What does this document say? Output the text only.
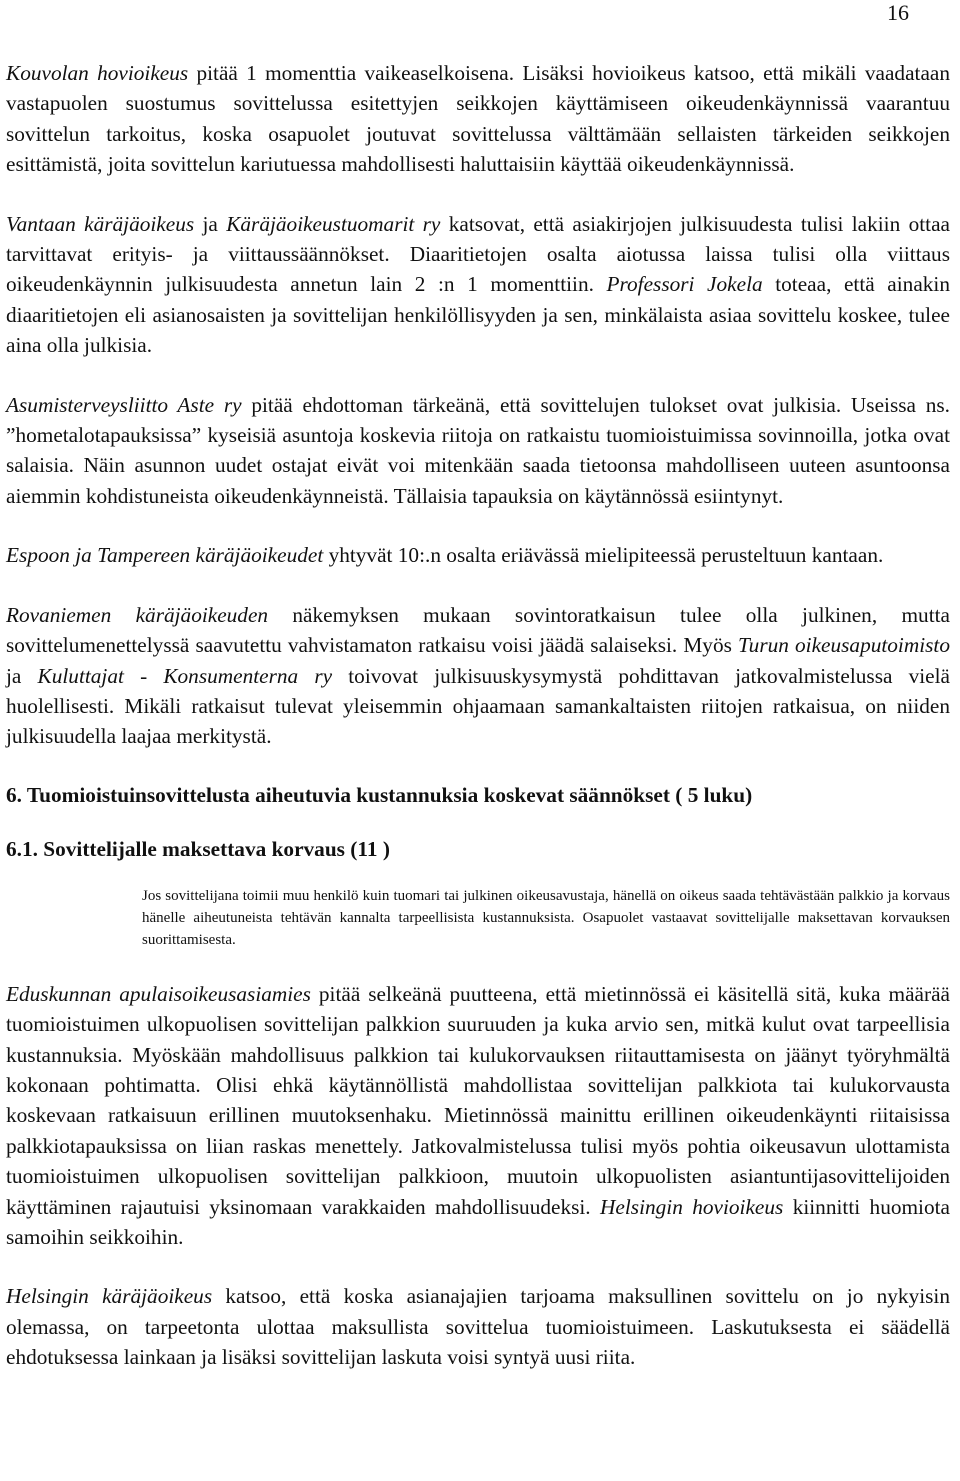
16

Kouvolan hovioikeus pitää 1 momenttia vaikeaselkoisena. Lisäksi hovioikeus katsoo, että mikäli vaadataan vastapuolen suostumus sovittelussa esitettyjen seikkojen käyttämiseen oikeudenkäynnissä vaarantuu sovittelun tarkoitus, koska osapuolet joutuvat sovittelussa välttämään sellaisten tärkeiden seikkojen esittämistä, joita sovittelun kariutuessa mahdollisesti haluttaisiin käyttää oikeudenkäynnissä.

Vantaan käräjäoikeus ja Käräjäoikeustuomarit ry katsovat, että asiakirjojen julkisuudesta tulisi lakiin ottaa tarvittavat erityis- ja viittaussäännökset. Diaaritietojen osalta aiotussa laissa tulisi olla viittaus oikeudenkäynnin julkisuudesta annetun lain 2 :n 1 momenttiin. Professori Jokela toteaa, että ainakin diaaritietojen eli asianosaisten ja sovittelijan henkilöllisyyden ja sen, minkälaista asiaa sovittelu koskee, tulee aina olla julkisia.

Asumisterveysliitto Aste ry pitää ehdottoman tärkeänä, että sovittelujen tulokset ovat julkisia. Useissa ns. ”hometalotapauksissa” kyseisiä asuntoja koskevia riitoja on ratkaistu tuomioistuimissa sovinnoilla, jotka ovat salaisia. Näin asunnon uudet ostajat eivät voi mitenkään saada tietoonsa mahdolliseen uuteen asuntoonsa aiemmin kohdistuneista oikeudenkäynneistä. Tällaisia tapauksia on käytännössä esiintynyt.

Espoon ja Tampereen käräjäoikeudet yhtyvät 10:.n osalta eriävässä mielipiteessä perusteltuun kantaan.

Rovaniemen käräjäoikeuden näkemyksen mukaan sovintoratkaisun tulee olla julkinen, mutta sovittelumenettelyssä saavutettu vahvistamaton ratkaisu voisi jäädä salaiseksi. Myös Turun oikeusaputoimisto ja Kuluttajat - Konsumenterna ry toivovat julkisuuskysymystä pohdittavan jatkovalmistelussa vielä huolellisesti. Mikäli ratkaisut tulevat yleisemmin ohjaamaan samankaltaisten riitojen ratkaisua, on niiden julkisuudella laajaa merkitystä.

6. Tuomioistuinsovittelusta aiheutuvia kustannuksia koskevat säännökset ( 5 luku)
6.1. Sovittelijalle maksettava korvaus (11 )

Jos sovittelijana toimii muu henkilö kuin tuomari tai julkinen oikeusavustaja, hänellä on oikeus saada tehtävästään palkkio ja korvaus hänelle aiheutuneista tehtävän kannalta tarpeellisista kustannuksista. Osapuolet vastaavat sovittelijalle maksettavan korvauksen suorittamisesta.

Eduskunnan apulaisoikeusasiamies pitää selkeänä puutteena, että mietinnössä ei käsitellä sitä, kuka määrää tuomioistuimen ulkopuolisen sovittelijan palkkion suuruuden ja kuka arvio sen, mitkä kulut ovat tarpeellisia kustannuksia. Myöskään mahdollisuus palkkion tai kulukorvauksen riitauttamisesta on jäänyt työryhmältä kokonaan pohtimatta. Olisi ehkä käytännöllistä mahdollistaa sovittelijan palkkiota tai kulukorvausta koskevaan ratkaisuun erillinen muutoksenhaku. Mietinnössä mainittu erillinen oikeudenkäynti riitaisissa palkkiotapauksissa on liian raskas menettely. Jatkovalmistelussa tulisi myös pohtia oikeusavun ulottamista tuomioistuimen ulkopuolisen sovittelijan palkkioon, muutoin ulkopuolisten asiantuntijasovittelijoiden käyttäminen rajautuisi yksinomaan varakkaiden mahdollisuudeksi. Helsingin hovioikeus kiinnitti huomiota samoihin seikkoihin.

Helsingin käräjäoikeus katsoo, että koska asianajajien tarjoama maksullinen sovittelu on jo nykyisin olemassa, on tarpeetonta ulottaa maksullista sovittelua tuomioistuimeen. Laskutuksesta ei säädellä ehdotuksessa lainkaan ja lisäksi sovittelijan laskuta voisi syntyä uusi riita.
